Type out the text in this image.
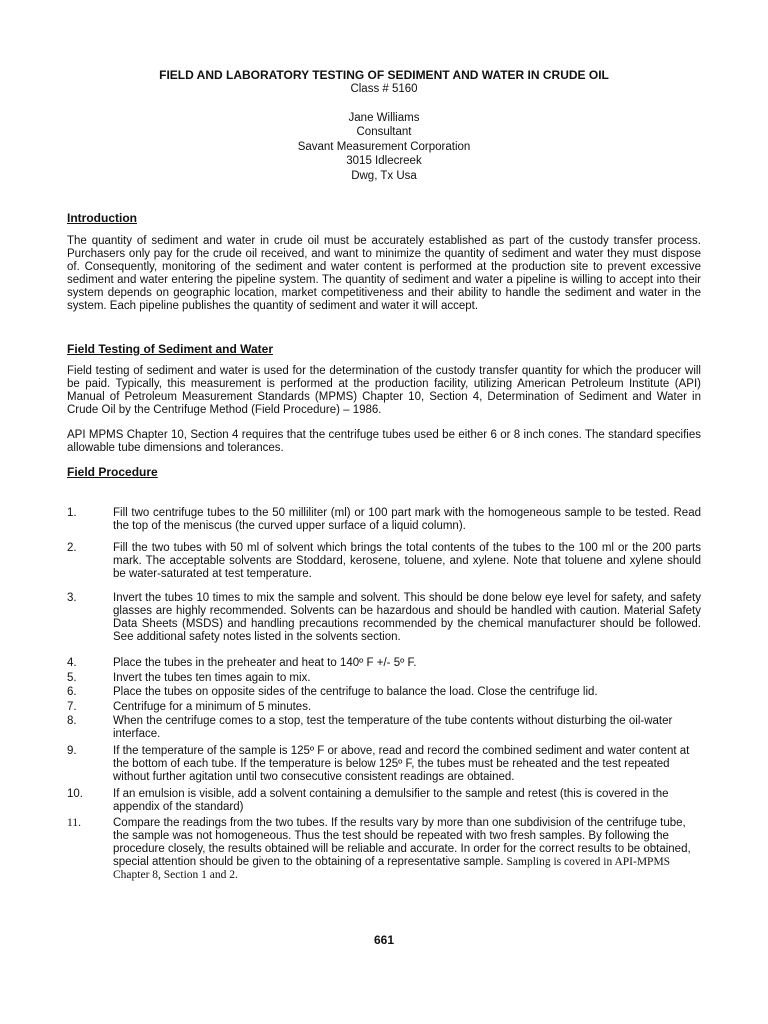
FIELD AND LABORATORY TESTING OF SEDIMENT AND WATER IN CRUDE OIL
Class # 5160
Jane Williams
Consultant
Savant Measurement Corporation
3015 Idlecreek
Dwg, Tx Usa
Introduction
The quantity of sediment and water in crude oil must be accurately established as part of the custody transfer process. Purchasers only pay for the crude oil received, and want to minimize the quantity of sediment and water they must dispose of. Consequently, monitoring of the sediment and water content is performed at the production site to prevent excessive sediment and water entering the pipeline system. The quantity of sediment and water a pipeline is willing to accept into their system depends on geographic location, market competitiveness and their ability to handle the sediment and water in the system. Each pipeline publishes the quantity of sediment and water it will accept.
Field Testing of Sediment and Water
Field testing of sediment and water is used for the determination of the custody transfer quantity for which the producer will be paid. Typically, this measurement is performed at the production facility, utilizing American Petroleum Institute (API) Manual of Petroleum Measurement Standards (MPMS) Chapter 10, Section 4, Determination of Sediment and Water in Crude Oil by the Centrifuge Method (Field Procedure) – 1986.
API MPMS Chapter 10, Section 4 requires that the centrifuge tubes used be either 6 or 8 inch cones. The standard specifies allowable tube dimensions and tolerances.
Field Procedure
1.	Fill two centrifuge tubes to the 50 milliliter (ml) or 100 part mark with the homogeneous sample to be tested. Read the top of the meniscus (the curved upper surface of a liquid column).
2.	Fill the two tubes with 50 ml of solvent which brings the total contents of the tubes to the 100 ml or the 200 parts mark. The acceptable solvents are Stoddard, kerosene, toluene, and xylene. Note that toluene and xylene should be water-saturated at test temperature.
3.	Invert the tubes 10 times to mix the sample and solvent. This should be done below eye level for safety, and safety glasses are highly recommended. Solvents can be hazardous and should be handled with caution. Material Safety Data Sheets (MSDS) and handling precautions recommended by the chemical manufacturer should be followed. See additional safety notes listed in the solvents section.
4.	Place the tubes in the preheater and heat to 140º F +/- 5º F.
5.	Invert the tubes ten times again to mix.
6.	Place the tubes on opposite sides of the centrifuge to balance the load. Close the centrifuge lid.
7.	Centrifuge for a minimum of 5 minutes.
8.	When the centrifuge comes to a stop, test the temperature of the tube contents without disturbing the oil-water interface.
9.	If the temperature of the sample is 125º F or above, read and record the combined sediment and water content at the bottom of each tube. If the temperature is below 125º F, the tubes must be reheated and the test repeated without further agitation until two consecutive consistent readings are obtained.
10.	If an emulsion is visible, add a solvent containing a demulsifier to the sample and retest (this is covered in the appendix of the standard)
11.	Compare the readings from the two tubes. If the results vary by more than one subdivision of the centrifuge tube, the sample was not homogeneous. Thus the test should be repeated with two fresh samples. By following the procedure closely, the results obtained will be reliable and accurate. In order for the correct results to be obtained, special attention should be given to the obtaining of a representative sample. Sampling is covered in API-MPMS Chapter 8, Section 1 and 2.
661
